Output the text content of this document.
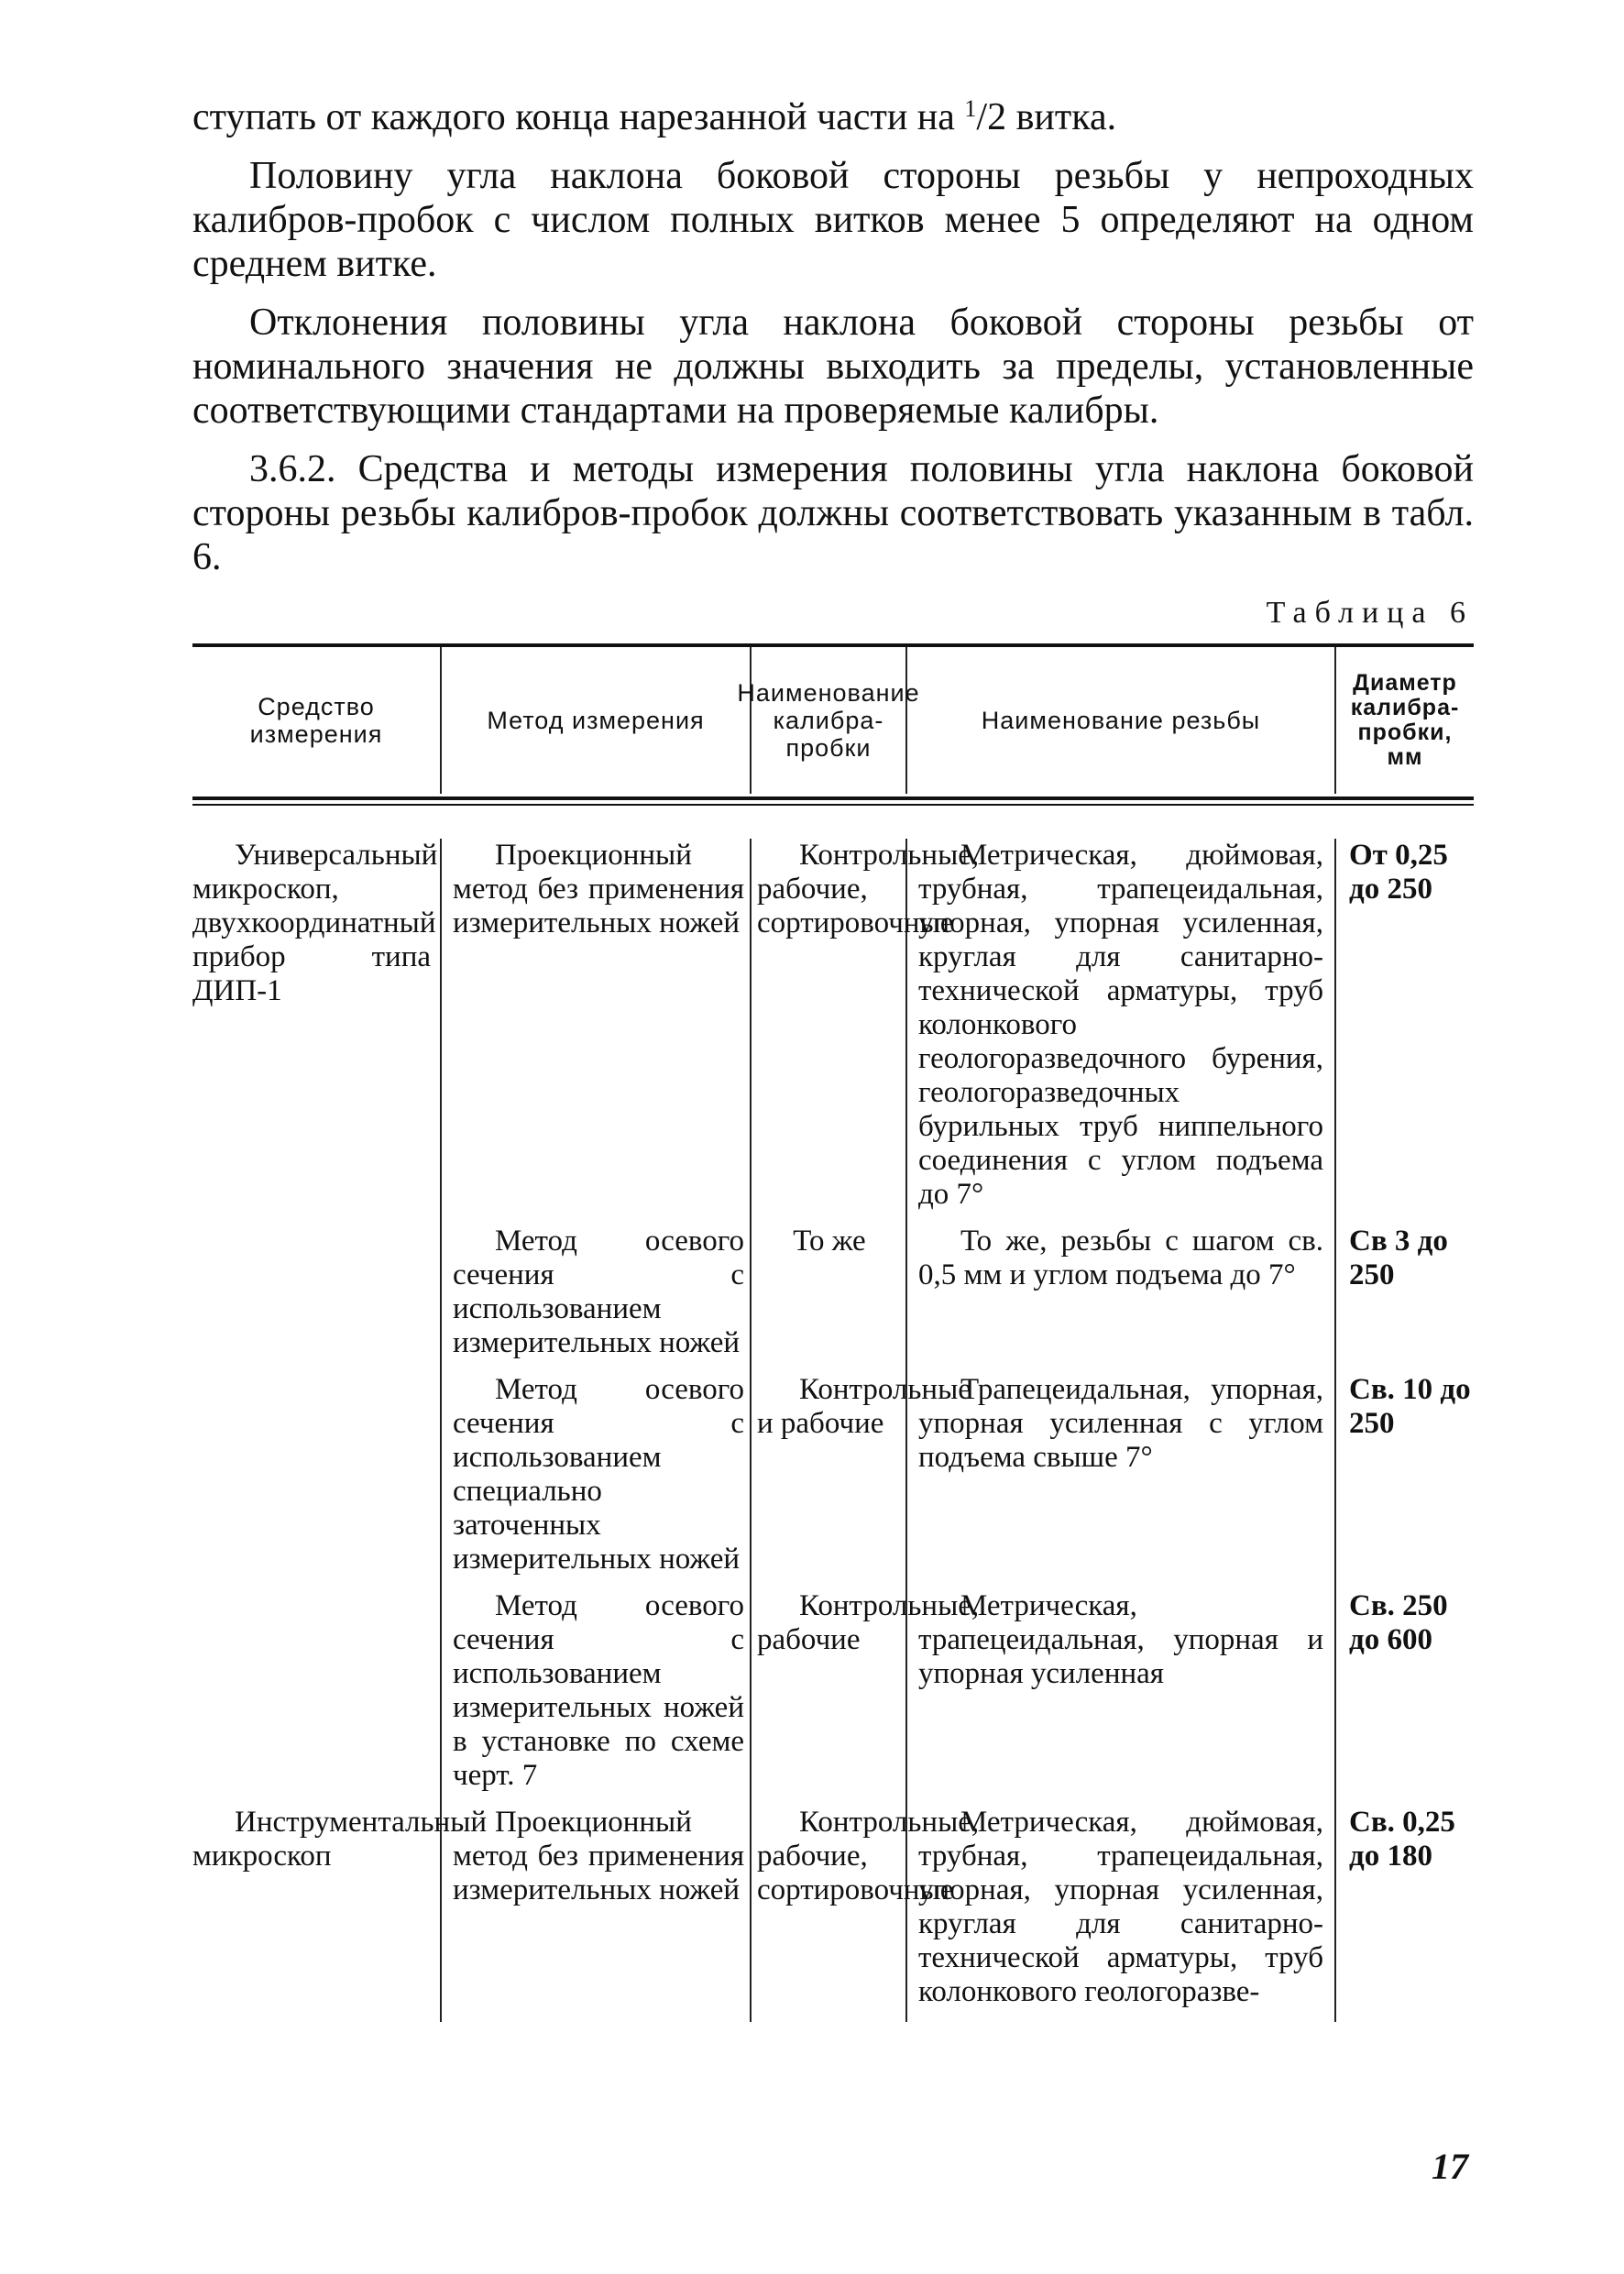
ступать от каждого конца нарезанной части на $^1$/2 витка.

Половину угла наклона боковой стороны резьбы у непроходных калибров-пробок с числом полных витков менее 5 определяют на одном среднем витке.

Отклонения половины угла наклона боковой стороны резьбы от номинального значения не должны выходить за пределы, установленные соответствующими стандартами на проверяемые калибры.

3.6.2. Средства и методы измерения половины угла наклона боковой стороны резьбы калибров-пробок должны соответствовать указанным в табл. 6.

Таблица 6
Средство измерения	Метод измерения
Наименование калибра-пробки
Наименование резьбы
Диаметр калибра-пробки, мм
Универсальный микроскоп, двухкоординатный прибор типа ДИП-1
Проекционный метод без применения измерительных ножей
Контрольные, рабочие, сортировочные
Метрическая, дюймовая, трубная, трапецеидальная, упорная, упорная усиленная, круглая для санитарно-технической арматуры, труб колонкового геологоразведочного бурения, геологоразведочных бурильных труб ниппельного соединения с углом подъема до 7°
От 0,25 до 250
Метод осевого сечения с использованием измерительных ножей
То же	То же, резьбы с шагом св. 0,5 мм и углом подъема до 7°
Св 3 до 250
Метод осевого сечения с использованием специально заточенных измерительных ножей
Контрольные и рабочие
Трапецеидальная, упорная, упорная усиленная с углом подъема свыше 7°
Св. 10 до 250
Метод осевого сечения с использованием измерительных ножей в установке по схеме черт. 7
Контрольные, рабочие
Метрическая, трапецеидальная, упорная и упорная усиленная
Св. 250 до 600
Инструментальный микроскоп
Проекционный метод без применения измерительных ножей
Контрольные, рабочие, сортировочные
Метрическая, дюймовая, трубная, трапецеидальная, упорная, упорная усиленная, круглая для санитарно-технической арматуры, труб колонкового геологоразве-
Св. 0,25 до 180
17
